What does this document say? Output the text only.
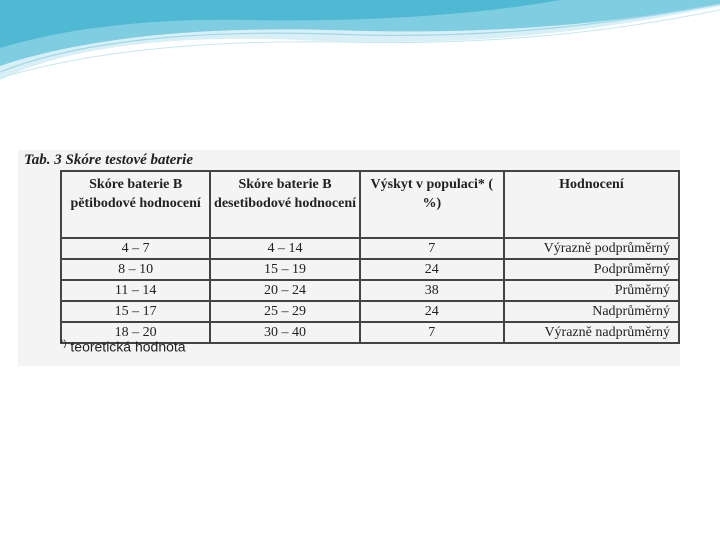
Tab. 3 Skóre testové baterie
Skóre baterie B pětibodové hodnocení	Skóre baterie B desetibodové hodnocení	Výskyt v populaci* ( %)	Hodnocení
4 – 7	4 – 14	7	Výrazně podprůměrný
8 – 10	15 – 19	24	Podprůměrný
11 – 14	20 – 24	38	Průměrný
15 – 17	25 – 29	24	Nadprůměrný
18 – 20	30 – 40	7	Výrazně nadprůměrný
*) teoretická hodnota
